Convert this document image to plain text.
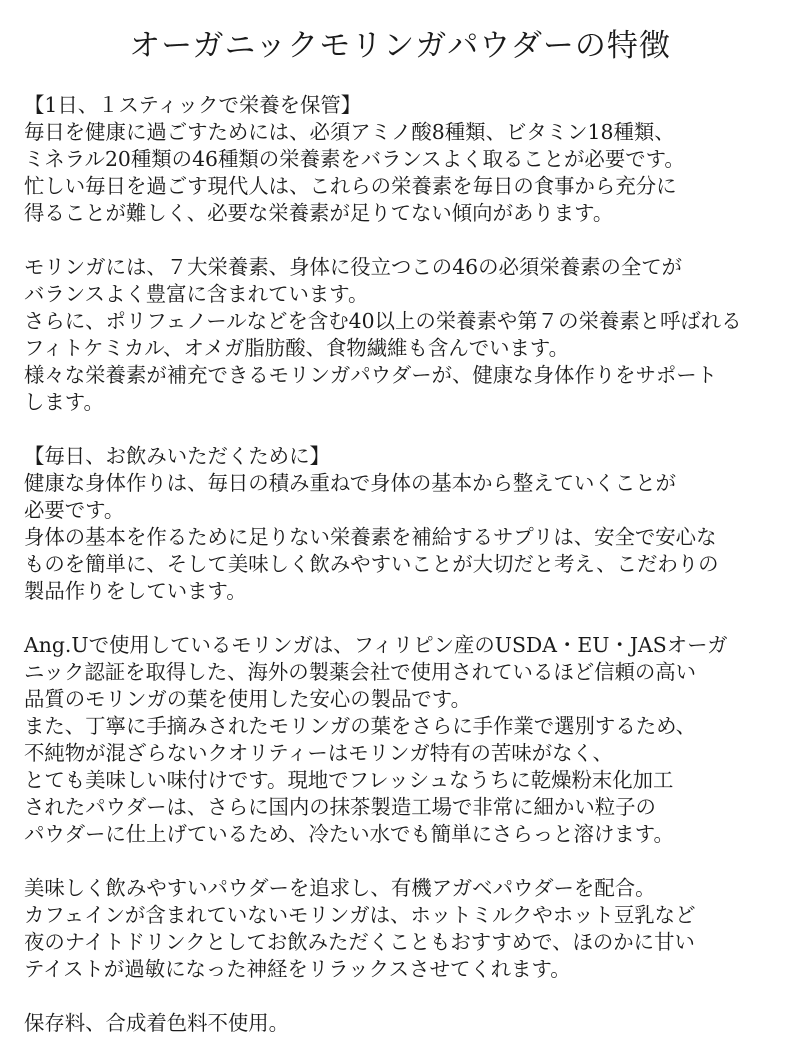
オーガニックモリンガパウダーの特徴
【1日、１スティックで栄養を保管】
毎日を健康に過ごすためには、必須アミノ酸8種類、ビタミン18種類、
ミネラル20種類の46種類の栄養素をバランスよく取ることが必要です。
忙しい毎日を過ごす現代人は、これらの栄養素を毎日の食事から充分に
得ることが難しく、必要な栄養素が足りてない傾向があります。
モリンガには、７大栄養素、身体に役立つこの46の必須栄養素の全てが
バランスよく豊富に含まれています。
さらに、ポリフェノールなどを含む40以上の栄養素や第７の栄養素と呼ばれる
フィトケミカル、オメガ脂肪酸、食物繊維も含んでいます。
様々な栄養素が補充できるモリンガパウダーが、健康な身体作りをサポート
します。
【毎日、お飲みいただくために】
健康な身体作りは、毎日の積み重ねで身体の基本から整えていくことが
必要です。
身体の基本を作るために足りない栄養素を補給するサプリは、安全で安心な
ものを簡単に、そして美味しく飲みやすいことが大切だと考え、こだわりの
製品作りをしています。
Ang.Uで使用しているモリンガは、フィリピン産のUSDA・EU・JASオーガ
ニック認証を取得した、海外の製薬会社で使用されているほど信頼の高い
品質のモリンガの葉を使用した安心の製品です。
また、丁寧に手摘みされたモリンガの葉をさらに手作業で選別するため、
不純物が混ざらないクオリティーはモリンガ特有の苦味がなく、
とても美味しい味付けです。現地でフレッシュなうちに乾燥粉末化加工
されたパウダーは、さらに国内の抹茶製造工場で非常に細かい粒子の
パウダーに仕上げているため、冷たい水でも簡単にさらっと溶けます。
美味しく飲みやすいパウダーを追求し、有機アガベパウダーを配合。
カフェインが含まれていないモリンガは、ホットミルクやホット豆乳など
夜のナイトドリンクとしてお飲みただくこともおすすめで、ほのかに甘い
テイストが過敏になった神経をリラックスさせてくれます。
保存料、合成着色料不使用。
